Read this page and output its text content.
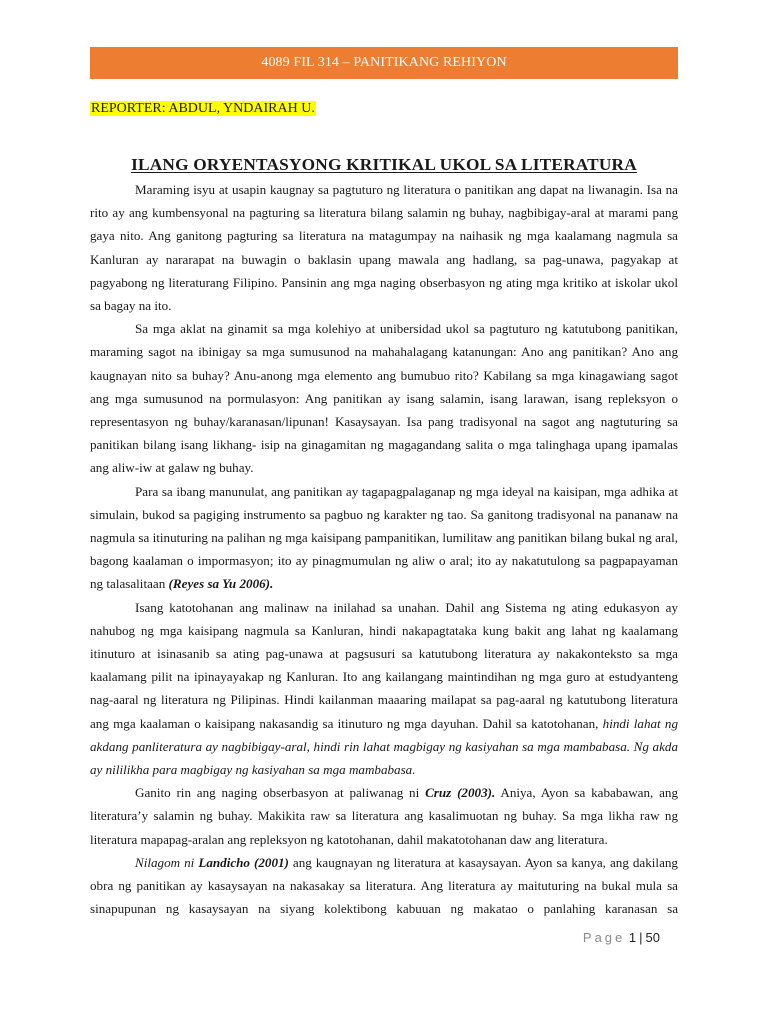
4089 FIL 314 – PANITIKANG REHIYON
REPORTER: ABDUL, YNDAIRAH U.
ILANG ORYENTASYONG KRITIKAL UKOL SA LITERATURA

Maraming isyu at usapin kaugnay sa pagtuturo ng literatura o panitikan ang dapat na liwanagin. Isa na rito ay ang kumbensyonal na pagturing sa literatura bilang salamin ng buhay, nagbibigay-aral at marami pang gaya nito. Ang ganitong pagturing sa literatura na matagumpay na naihasik ng mga kaalamang nagmula sa Kanluran ay nararapat na buwagin o baklasin upang mawala ang hadlang, sa pag-unawa, pagyakap at pagyabong ng literaturang Filipino. Pansinin ang mga naging obserbasyon ng ating mga kritiko at iskolar ukol sa bagay na ito.

Sa mga aklat na ginamit sa mga kolehiyo at unibersidad ukol sa pagtuturo ng katutubong panitikan, maraming sagot na ibinigay sa mga sumusunod na mahahalagang katanungan: Ano ang panitikan? Ano ang kaugnayan nito sa buhay? Anu-anong mga elemento ang bumubuo rito? Kabilang sa mga kinagawiang sagot ang mga sumusunod na pormulasyon: Ang panitikan ay isang salamin, isang larawan, isang repleksyon o representasyon ng buhay/karanasan/lipunan! Kasaysayan. Isa pang tradisyonal na sagot ang nagtuturing sa panitikan bilang isang likhang- isip na ginagamitan ng magagandang salita o mga talinghaga upang ipamalas ang aliw-iw at galaw ng buhay.

Para sa ibang manunulat, ang panitikan ay tagapagpalaganap ng mga ideyal na kaisipan, mga adhika at simulain, bukod sa pagiging instrumento sa pagbuo ng karakter ng tao. Sa ganitong tradisyonal na pananaw na nagmula sa itinuturing na palihan ng mga kaisipang pampanitikan, lumilitaw ang panitikan bilang bukal ng aral, bagong kaalaman o impormasyon; ito ay pinagmumulan ng aliw o aral; ito ay nakatutulong sa pagpapayaman ng talasalitaan (Reyes sa Yu 2006).

Isang katotohanan ang malinaw na inilahad sa unahan. Dahil ang Sistema ng ating edukasyon ay nahubog ng mga kaisipang nagmula sa Kanluran, hindi nakapagtataka kung bakit ang lahat ng kaalamang itinuturo at isinasanib sa ating pag-unawa at pagsusuri sa katutubong literatura ay nakakonteksto sa mga kaalamang pilit na ipinayayakap ng Kanluran. Ito ang kailangang maintindihan ng mga guro at estudyanteng nag-aaral ng literatura ng Pilipinas. Hindi kailanman maaaring mailapat sa pag-aaral ng katutubong literatura ang mga kaalaman o kaisipang nakasandig sa itinuturo ng mga dayuhan. Dahil sa katotohanan, hindi lahat ng akdang panliteratura ay nagbibigay-aral, hindi rin lahat magbigay ng kasiyahan sa mga mambabasa. Ng akda ay nililikha para magbigay ng kasiyahan sa mga mambabasa.

Ganito rin ang naging obserbasyon at paliwanag ni Cruz (2003). Aniya, Ayon sa kababawan, ang literatura’y salamin ng buhay. Makikita raw sa literatura ang kasalimuotan ng buhay. Sa mga likha raw ng literatura mapapag-aralan ang repleksyon ng katotohanan, dahil makatotohanan daw ang literatura.

Nilagom ni Landicho (2001) ang kaugnayan ng literatura at kasaysayan. Ayon sa kanya, ang dakilang obra ng panitikan ay kasaysayan na nakasakay sa literatura. Ang literatura ay maituturing na bukal mula sa sinapupunan ng kasaysayan na siyang kolektibong kabuuan ng makatao o panlahing karanasan sa

Page 1 | 50
